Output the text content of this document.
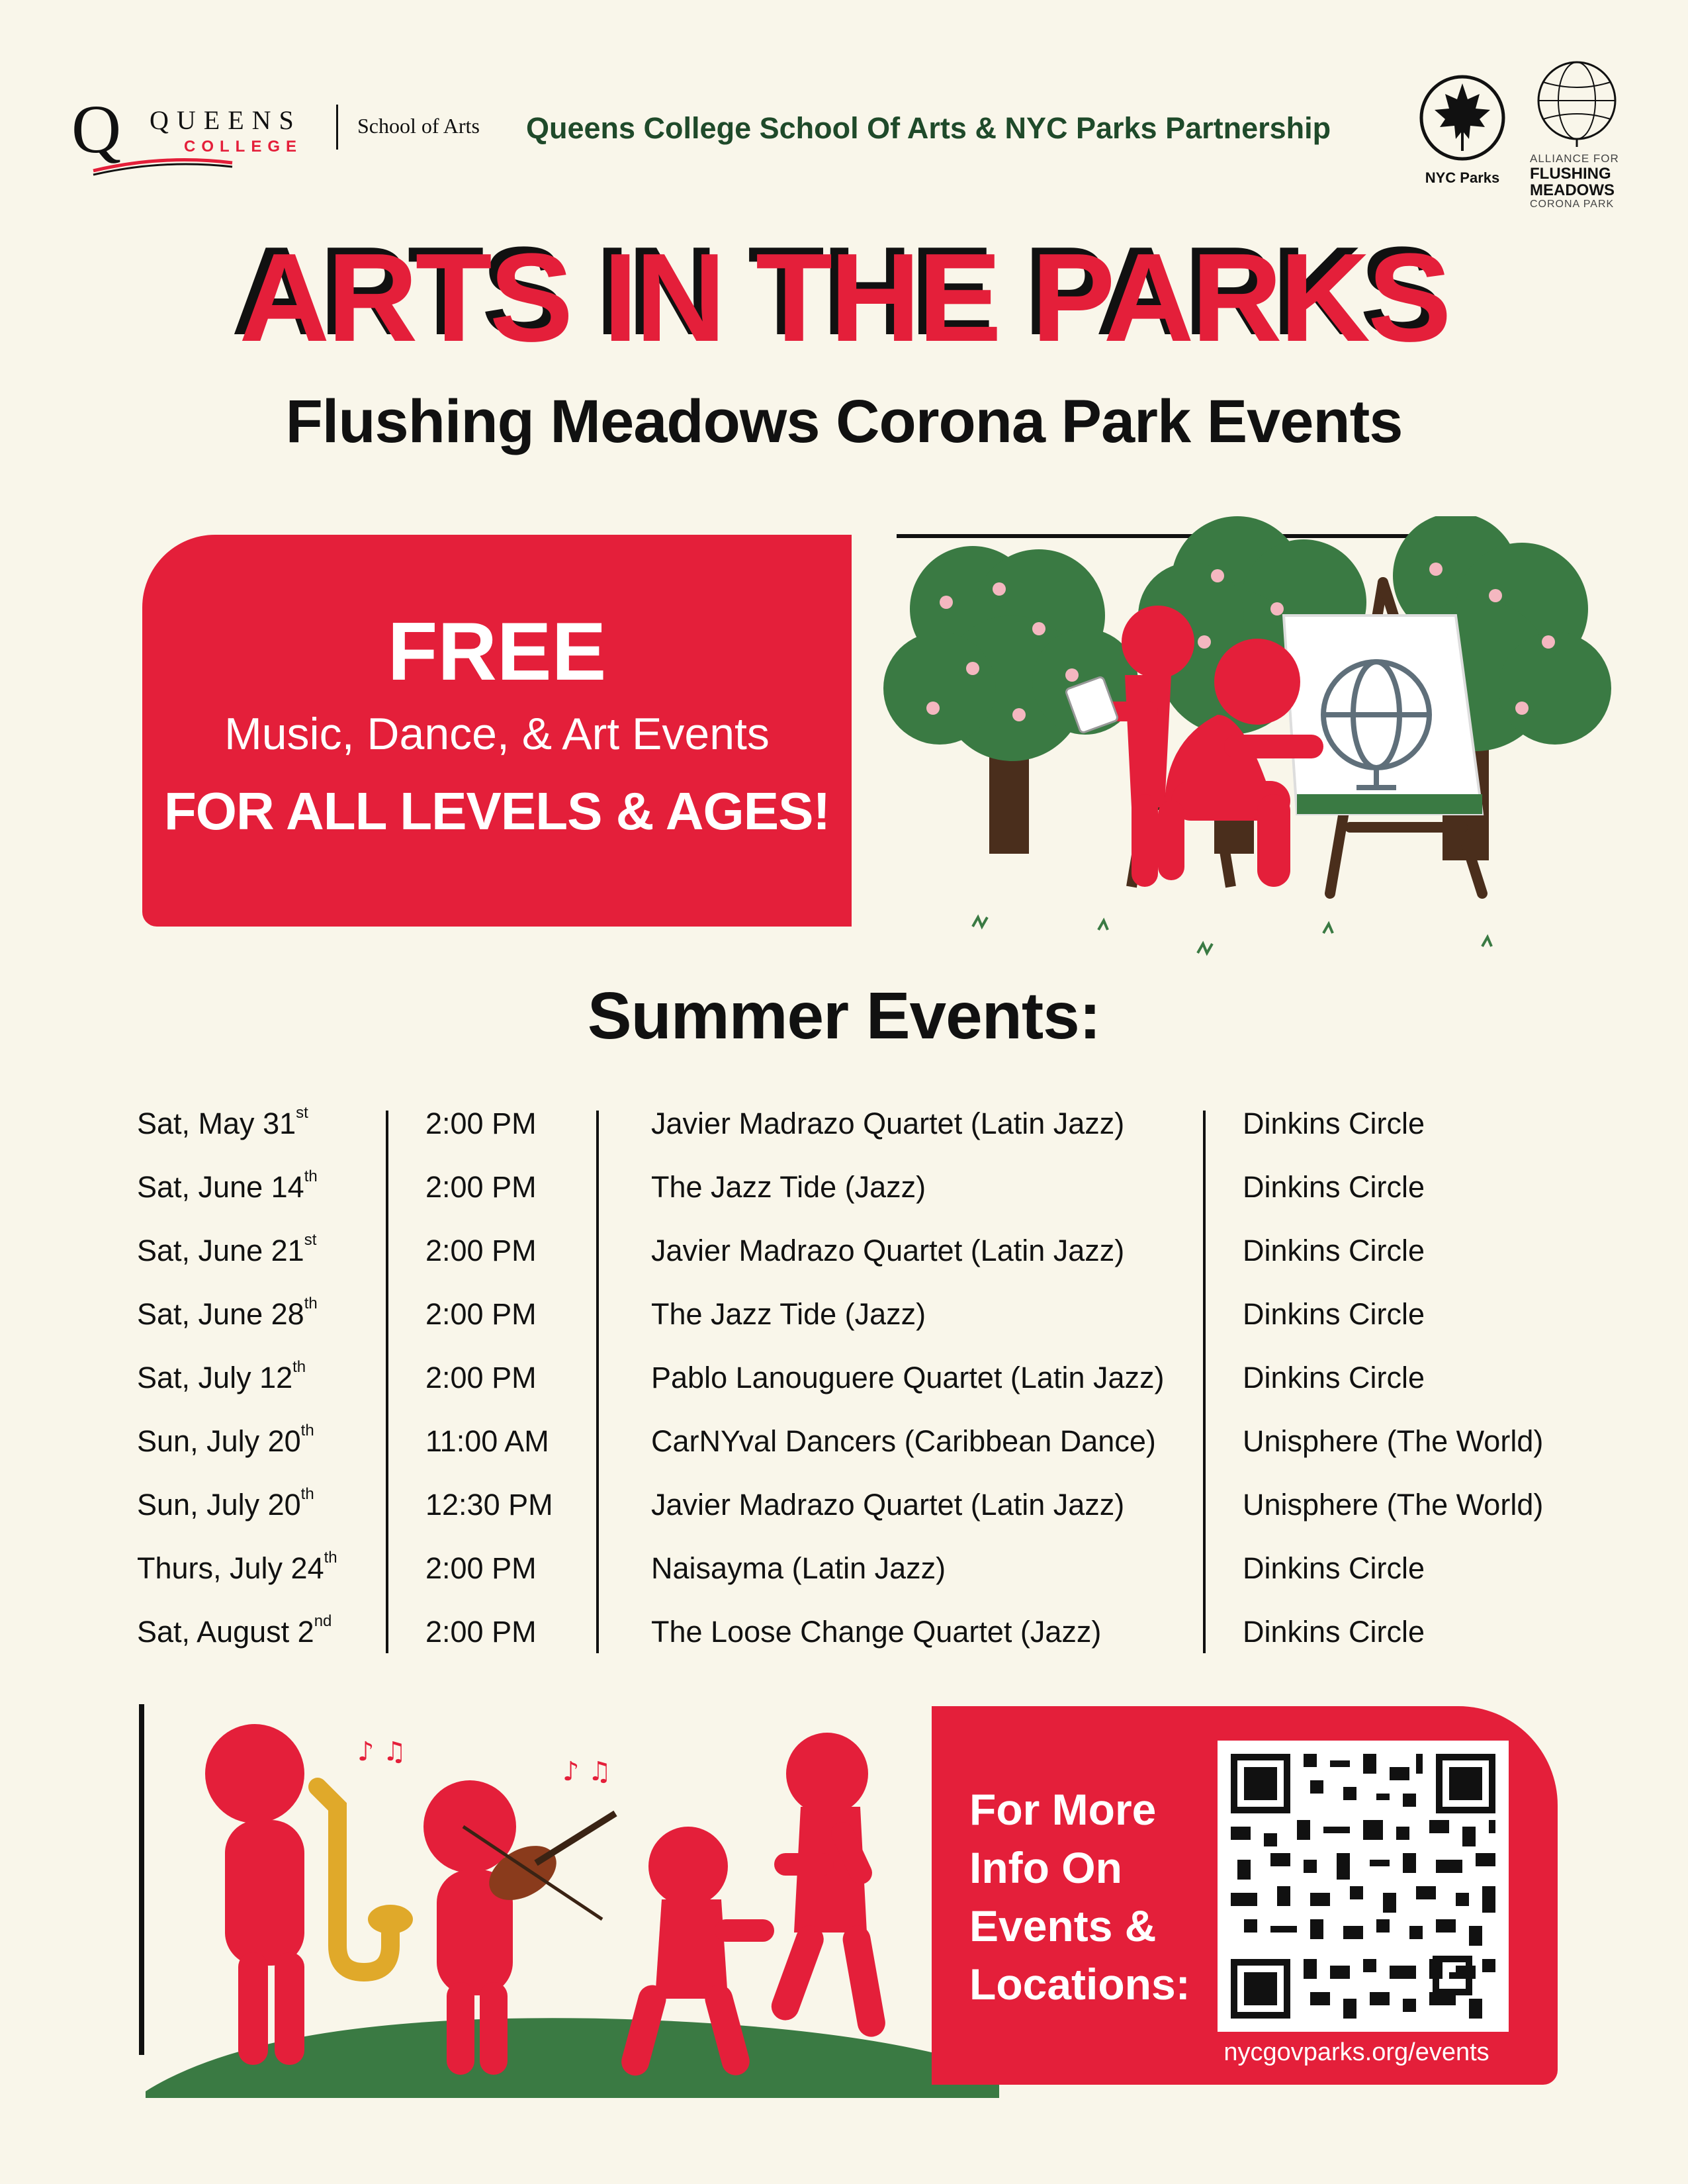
Q QUEENS
COLLEGE
School of Arts Queens College School Of Arts & NYC Parks Partnership
NYC Parks
ALLIANCE FOR
FLUSHING MEADOWS
CORONA PARK
ARTS IN THE PARKS
Flushing Meadows Corona Park Events
FREE
Music, Dance, & Art Events
FOR ALL LEVELS & AGES!
Summer Events:
Sat, May 31st	2:00 PM	Javier Madrazo Quartet (Latin Jazz)	Dinkins Circle
Sat, June 14th	2:00 PM	The Jazz Tide (Jazz)	Dinkins Circle
Sat, June 21st	2:00 PM	Javier Madrazo Quartet (Latin Jazz)	Dinkins Circle
Sat, June 28th	2:00 PM	The Jazz Tide (Jazz)	Dinkins Circle
Sat, July 12th	2:00 PM	Pablo Lanouguere Quartet (Latin Jazz)	Dinkins Circle
Sun, July 20th	11:00 AM	CarNYval Dancers (Caribbean Dance)	Unisphere (The World)
Sun, July 20th	12:30 PM	Javier Madrazo Quartet (Latin Jazz)	Unisphere (The World)
Thurs, July 24th	2:00 PM	Naisayma (Latin Jazz)	Dinkins Circle
Sat, August 2nd	2:00 PM	The Loose Change Quartet (Jazz)	Dinkins Circle
♪ ♫
♪ ♫
For More
Info On
Events &
Locations:
nycgovparks.org/events
